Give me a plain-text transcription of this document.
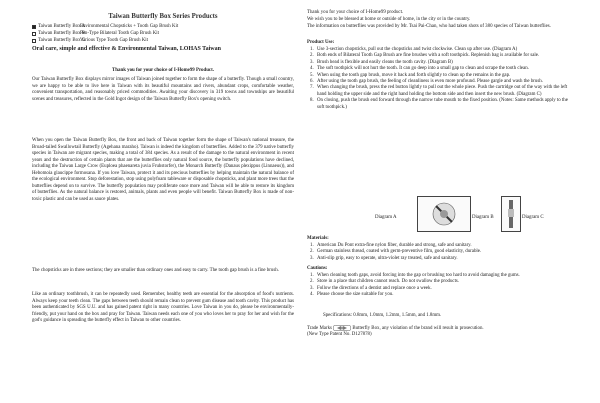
Taiwan Butterfly Box Series Products
Taiwan Butterfly Box A
Environmental Chopsticks + Tooth Gap Brush Kit
Taiwan Butterfly Box B
Pen-Type Bilateral Tooth Gap Brush Kit
Taiwan Butterfly Box C
Various Type Tooth Gap Brush Kit
Oral care, simple and effective & Environmental Taiwan, LOHAS Taiwan

Thank you for your choice of I-Home99 Product.

Our Taiwan Butterfly Box displays mirror images of Taiwan joined together to form the shape of a butterfly. Though a small country, we are happy to be able to live here in Taiwan with its beautiful mountains and rivers, abundant crops, comfortable weather, convenient transportation, and reasonably priced commodities. Awaiting your discovery in 319 towns and townships are beautiful scenes and treasures, reflected in the Gold Ingot design of the Taiwan Butterfly Box's opening switch.

When you open the Taiwan Butterfly Box, the front and back of Taiwan together form the shape of Taiwan's national treasure, the Broad-tailed Swallowtail Butterfly (Agehana maraho). Taiwan is indeed the kingdom of butterflies. Added to the 379 native butterfly species in Taiwan are migrant species, making a total of 384 species. As a result of the damage to the natural environment in recent years and the destruction of certain plants that are the butterflies only natural food source, the butterfly populations have declined, including the Taiwan Large Crow (Euploea phaenareta juvia Fruhstorfer), the Monarch Butterfly (Danaus plexippus (Linnaeus)), and Hebomoia glaucippe formosana. If you love Taiwan, protect it and its precious butterflies by helping maintain the natural balance of the ecological environment. Stop deforestation, stop using polyfoam tableware or disposable chopsticks, and plant more trees that the butterflies depend on to survive. The butterfly population may proliferate once more and Taiwan will be able to restore its kingdom of butterflies. As the natural balance is restored, animals, plants and even people will benefit. Taiwan Butterfly Box is made of non-toxic plastic and can be used as sauce plates.

The chopsticks are in three sections; they are smaller than ordinary ones and easy to carry. The tooth gap brush is a fine brush.

Like an ordinary toothbrush, it can be repeatedly used. Remember, healthy teeth are essential for the absorption of food's nutrients. Always keep your teeth clean. The gaps between teeth should remain clean to prevent gum disease and tooth cavity. This product has been authenticated by SGS U.U. and has gained patent right in many countries. Love Taiwan in you do, please be environmentally-friendly, put your hand on the box and pray for Taiwan. Taiwan needs each one of you who loves her to pray for her and wish for the god's guidance in spreading the butterfly effect in Taiwan to other countries.

Thank you for your choice of I-Home99 product.

We wish you to be blessed at home or outside of home, in the city or in the country.

The information on butterflies was provided by Mr. Tsai Pai-Chan, who had taken shots of 380 species of Taiwan butterflies.

Product Use:

1. Use 3-section chopsticks, pull out the chopsticks and twist clockwise. Clean up after use. (Diagram A)
2. Both ends of Bilateral Tooth Gap Brush are fine brushes with a soft toothpick. Replenish bag is available for sale.
3. Brush head is flexible and easily cleans the tooth cavity. (Diagram B)
4. The soft toothpick will not hurt the tooth. It can go deep into a small gap to clean and scrape the tooth clean.
5. When using the tooth gap brush, move it back and forth slightly to clean up the remains in the gap.
6. After using the tooth gap brush, the feeling of cleanliness is even more profound. Please gargle and wash the brush.
7. When changing the brush, press the red button lightly to pull out the whole piece. Push the cartridge out of the way with the left hand holding the upper side and the right hand holding the bottom side and then insert the new brush. (Diagram C)
8. On closing, push the brush end forward through the narrow tube mouth to the fixed position. (Notes: Same methods apply to the soft toothpick.)
Diagram A	Diagram B	Diagram C

Materials:

1. American Du Pont extra-fine nylon fiber, durable and strong, safe and sanitary.
2. German stainless thread, coated with germ-preventive film, good elasticity, durable.
3. Anti-slip grip, easy to operate, ultra-violet ray treated, safe and sanitary.

Cautions:

1. When cleaning tooth gaps, avoid forcing into the gap or brushing too hard to avoid damaging the gums.
2. Store in a place that children cannot reach. Do not swallow the products.
3. Follow the directions of a dentist and replace once a week.
4. Please choose the size suitable for you.

Specifications: 0.8mm, 1.0mm, 1.2mm, 1.5mm, and 1.8mm.

Trade Marks	Butterfly Box, any violation of the brand will result in prosecution.

(New Type Patent No. D127878)
